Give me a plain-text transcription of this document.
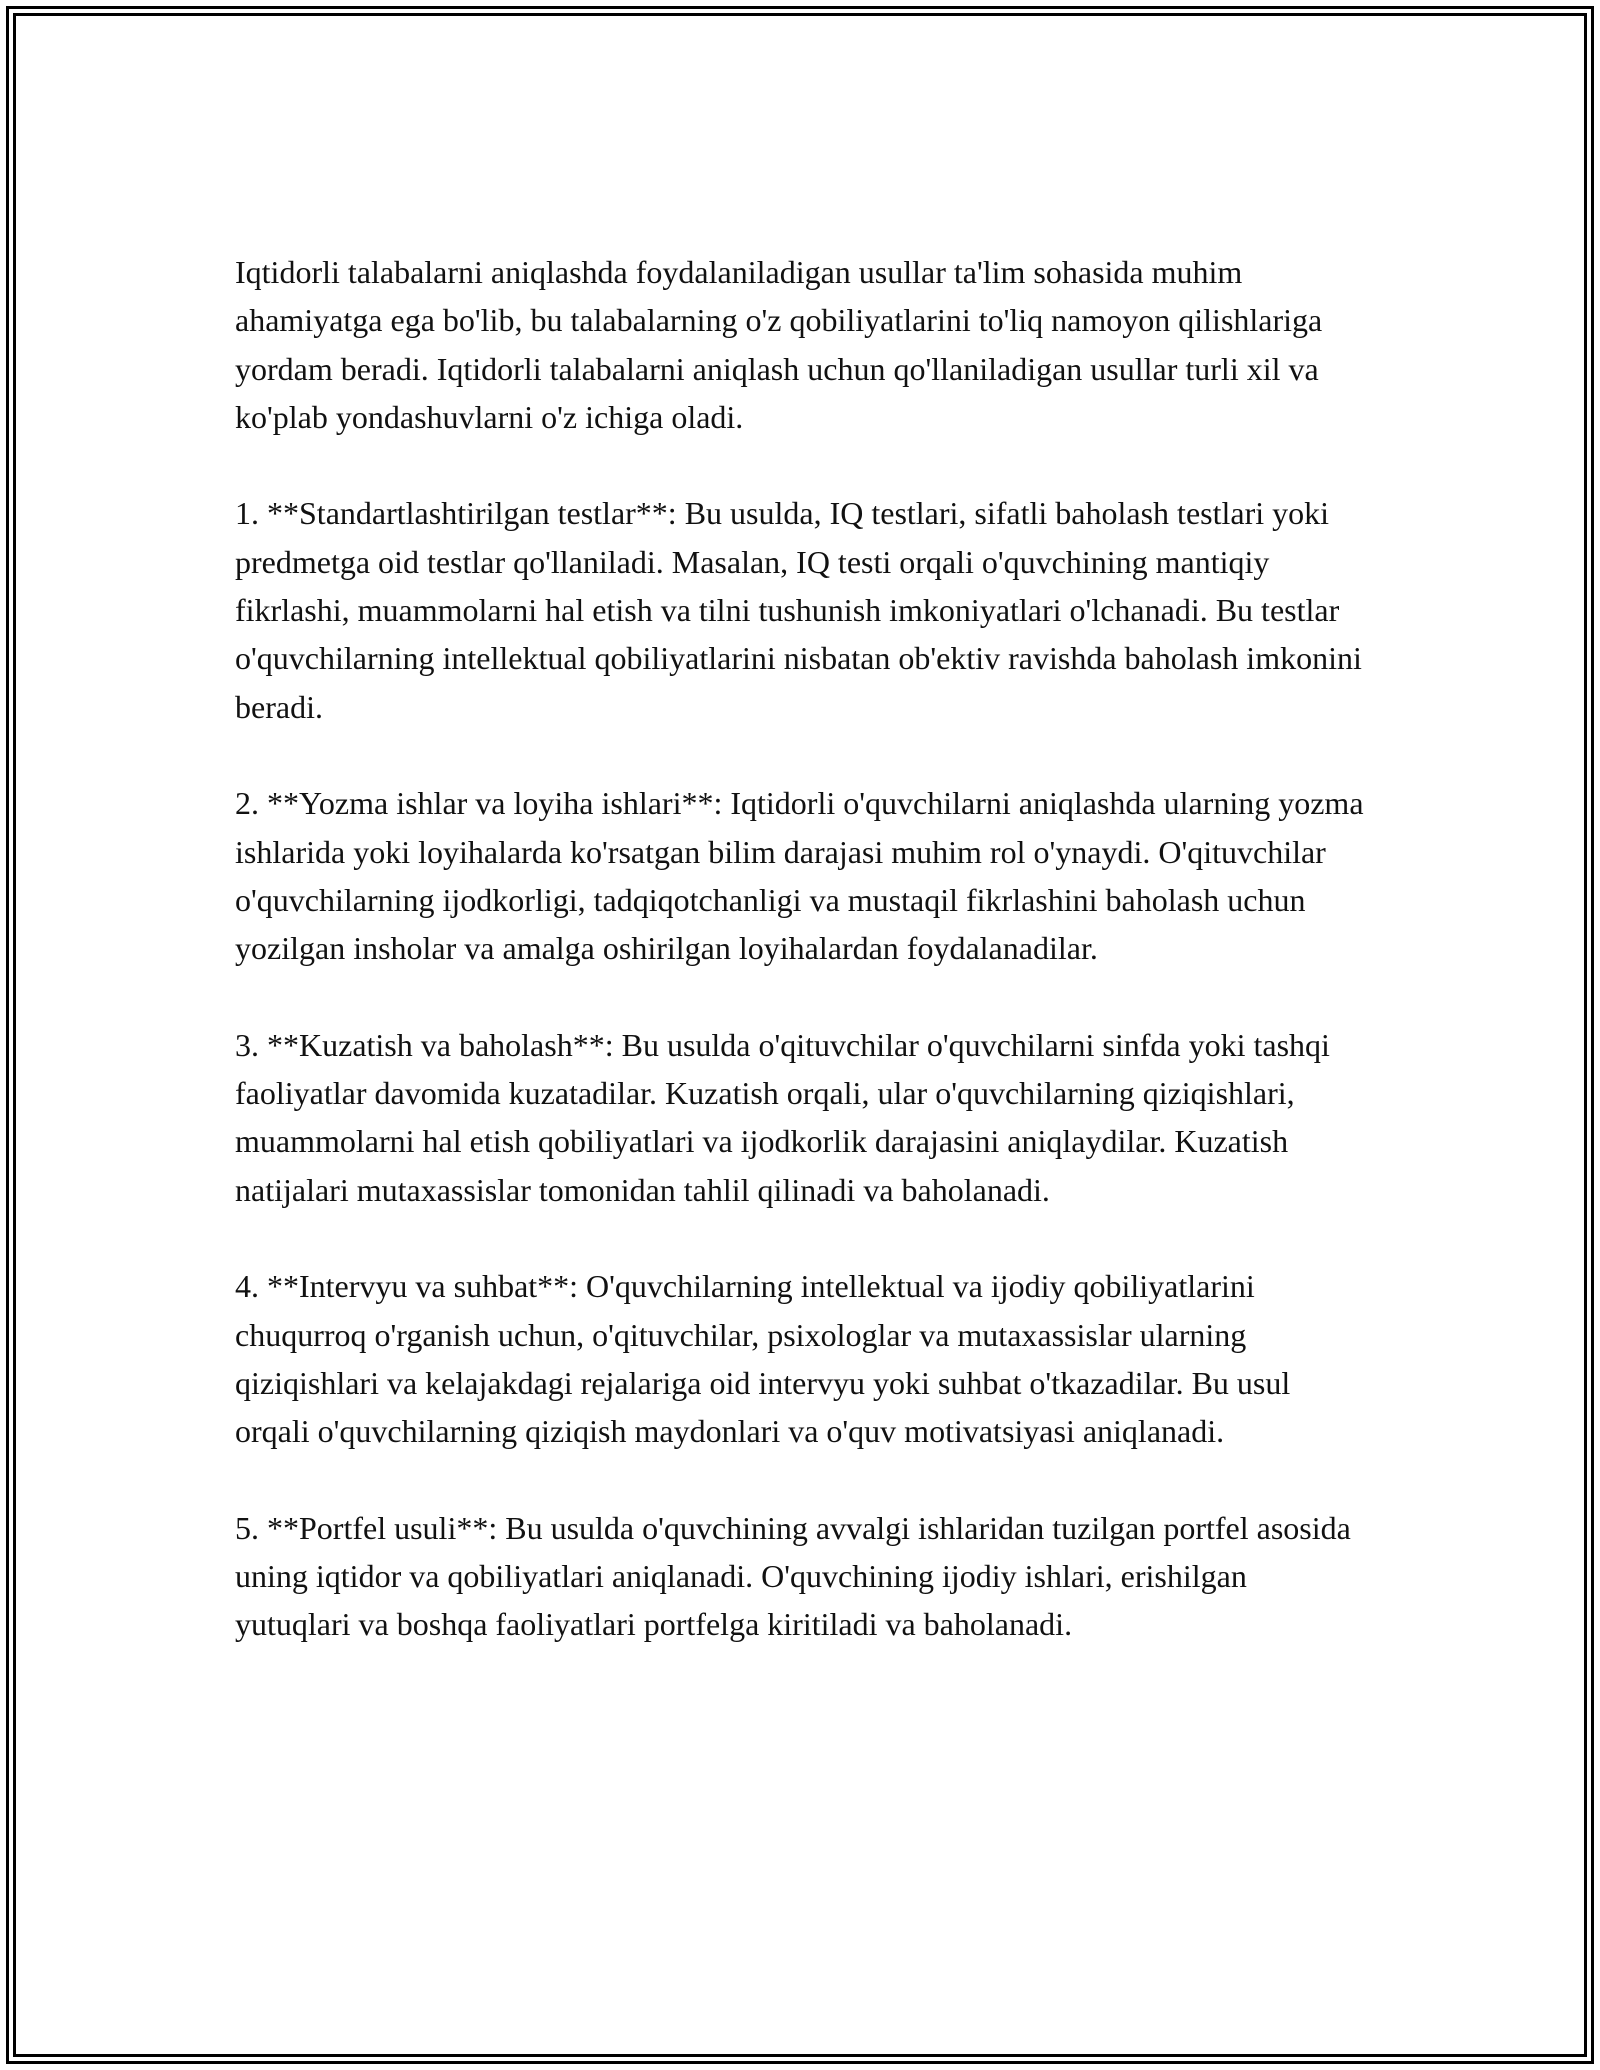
Iqtidorli talabalarni aniqlashda foydalaniladigan usullar ta'lim sohasida muhim ahamiyatga ega bo'lib, bu talabalarning o'z qobiliyatlarini to'liq namoyon qilishlariga yordam beradi. Iqtidorli talabalarni aniqlash uchun qo'llaniladigan usullar turli xil va ko'plab yondashuvlarni o'z ichiga oladi.

1. **Standartlashtirilgan testlar**: Bu usulda, IQ testlari, sifatli baholash testlari yoki predmetga oid testlar qo'llaniladi. Masalan, IQ testi orqali o'quvchining mantiqiy fikrlashi, muammolarni hal etish va tilni tushunish imkoniyatlari o'lchanadi. Bu testlar o'quvchilarning intellektual qobiliyatlarini nisbatan ob'ektiv ravishda baholash imkonini beradi.

2. **Yozma ishlar va loyiha ishlari**: Iqtidorli o'quvchilarni aniqlashda ularning yozma ishlarida yoki loyihalarda ko'rsatgan bilim darajasi muhim rol o'ynaydi. O'qituvchilar o'quvchilarning ijodkorligi, tadqiqotchanligi va mustaqil fikrlashini baholash uchun yozilgan insholar va amalga oshirilgan loyihalardan foydalanadilar.

3. **Kuzatish va baholash**: Bu usulda o'qituvchilar o'quvchilarni sinfda yoki tashqi faoliyatlar davomida kuzatadilar. Kuzatish orqali, ular o'quvchilarning qiziqishlari, muammolarni hal etish qobiliyatlari va ijodkorlik darajasini aniqlaydilar. Kuzatish natijalari mutaxassislar tomonidan tahlil qilinadi va baholanadi.

4. **Intervyu va suhbat**: O'quvchilarning intellektual va ijodiy qobiliyatlarini chuqurroq o'rganish uchun, o'qituvchilar, psixologlar va mutaxassislar ularning qiziqishlari va kelajakdagi rejalariga oid intervyu yoki suhbat o'tkazadilar. Bu usul orqali o'quvchilarning qiziqish maydonlari va o'quv motivatsiyasi aniqlanadi.

5. **Portfel usuli**: Bu usulda o'quvchining avvalgi ishlaridan tuzilgan portfel asosida uning iqtidor va qobiliyatlari aniqlanadi. O'quvchining ijodiy ishlari, erishilgan yutuqlari va boshqa faoliyatlari portfelga kiritiladi va baholanadi.
